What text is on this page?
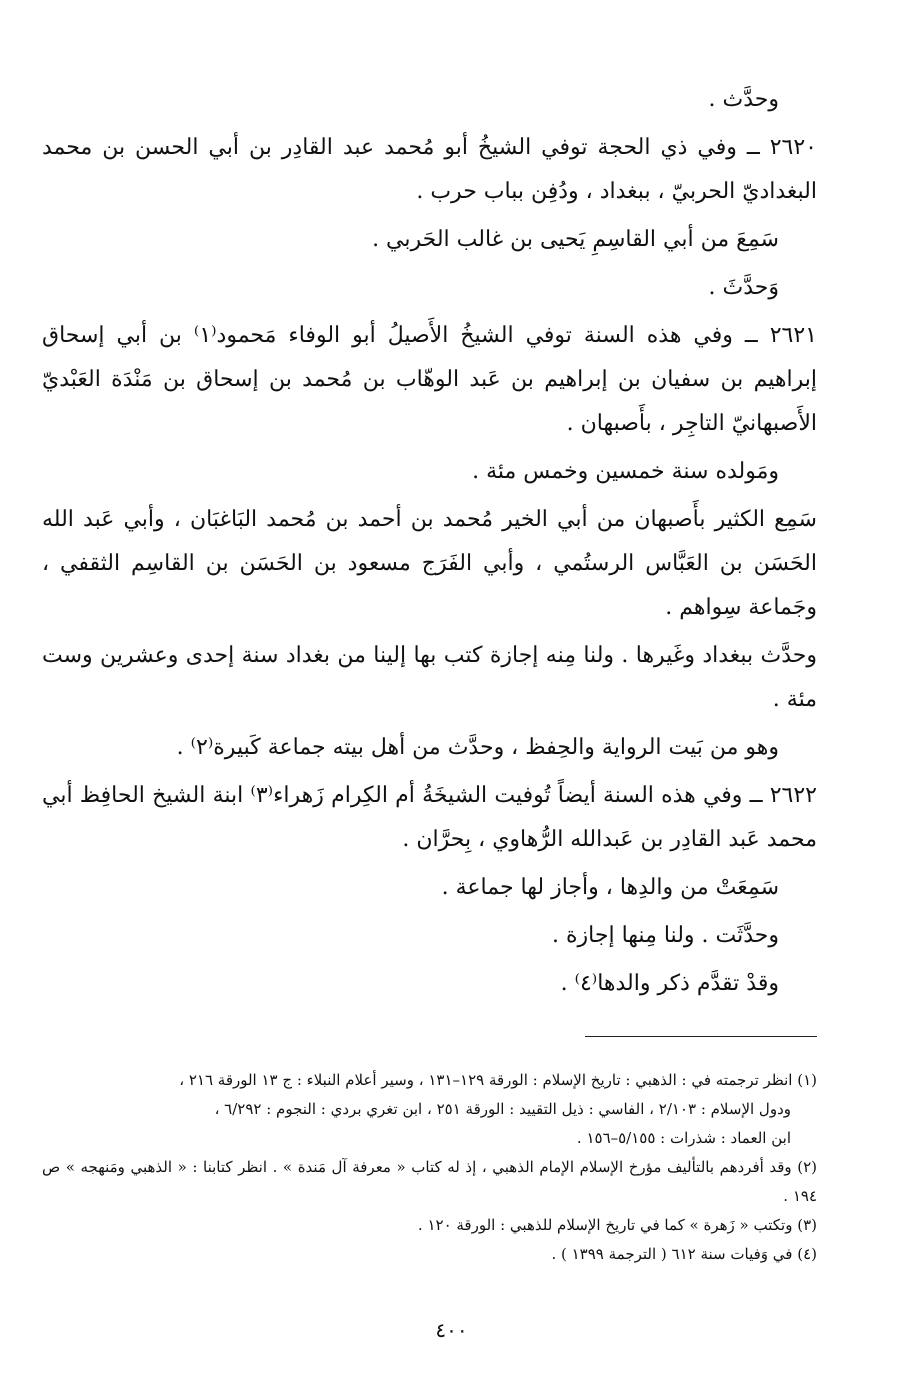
وحدَّث .

٢٦٢٠ ــ وفي ذي الحجة توفي الشيخُ أبو مُحمد عبد القادِر بن أبي الحسن بن محمد البغداديّ الحربيّ ، ببغداد ، ودُفِن بباب حرب .

سَمِعَ من أبي القاسِمِ يَحيى بن غالب الحَربي .

وَحدَّثَ .

٢٦٢١ ــ وفي هذه السنة توفي الشيخُ الأَصيلُ أبو الوفاء مَحمود⁽١⁾ بن أبي إسحاق إبراهيم بن سفيان بن إبراهيم بن عَبد الوهّاب بن مُحمد بن إسحاق بن مَنْدَة العَبْديّ الأَصبهانيّ التاجِر ، بأَصبهان .

ومَولده سنة خمسين وخمس مئة .

سَمِع الكثير بأَصبهان من أبي الخير مُحمد بن أحمد بن مُحمد البَاغبَان ، وأبي عَبد الله الحَسَن بن العَبَّاس الرستُمي ، وأبي الفَرَج مسعود بن الحَسَن بن القاسِم الثقفي ، وجَماعة سِواهم .

وحدَّث ببغداد وغَيرها . ولنا مِنه إجازة كتب بها إلينا من بغداد سنة إحدى وعشرين وست مئة .

وهو من بَيت الرواية والحِفظ ، وحدَّث من أهل بيته جماعة كَبيرة⁽٢⁾ .

٢٦٢٢ ــ وفي هذه السنة أيضاً تُوفيت الشيخَةُ أم الكِرام زَهراء⁽٣⁾ ابنة الشيخ الحافِظ أبي محمد عَبد القادِر بن عَبدالله الرُّهاوي ، بِحرَّان .

سَمِعَتْ من والدِها ، وأجاز لها جماعة .

وحدَّثَت . ولنا مِنها إجازة .

وقدْ تقدَّم ذكر والدها⁽٤⁾ .

(١) انظر ترجمته في : الذهبي : تاريخ الإسلام : الورقة ١٢٩–١٣١ ، وسير أعلام النبلاء : ج ١٣ الورقة ٢١٦ ،

ودول الإسلام : ٢/١٠٣ ، الفاسي : ذيل التقييد : الورقة ٢٥١ ، ابن تغري بردي : النجوم : ٦/٢٩٢ ،

ابن العماد : شذرات : ٥/١٥٥–١٥٦ .

(٢) وقد أفردهم بالتأليف مؤرخ الإسلام الإمام الذهبي ، إذ له كتاب « معرفة آل مَندة » . انظر كتابنا : « الذهبي ومَنهجه » ص ١٩٤ .

(٣) وتكتب « زَهرة » كما في تاريخ الإسلام للذهبي : الورقة ١٢٠ .

(٤) في وَفيات سنة ٦١٢ ( الترجمة ١٣٩٩ ) .

٤٠٠
